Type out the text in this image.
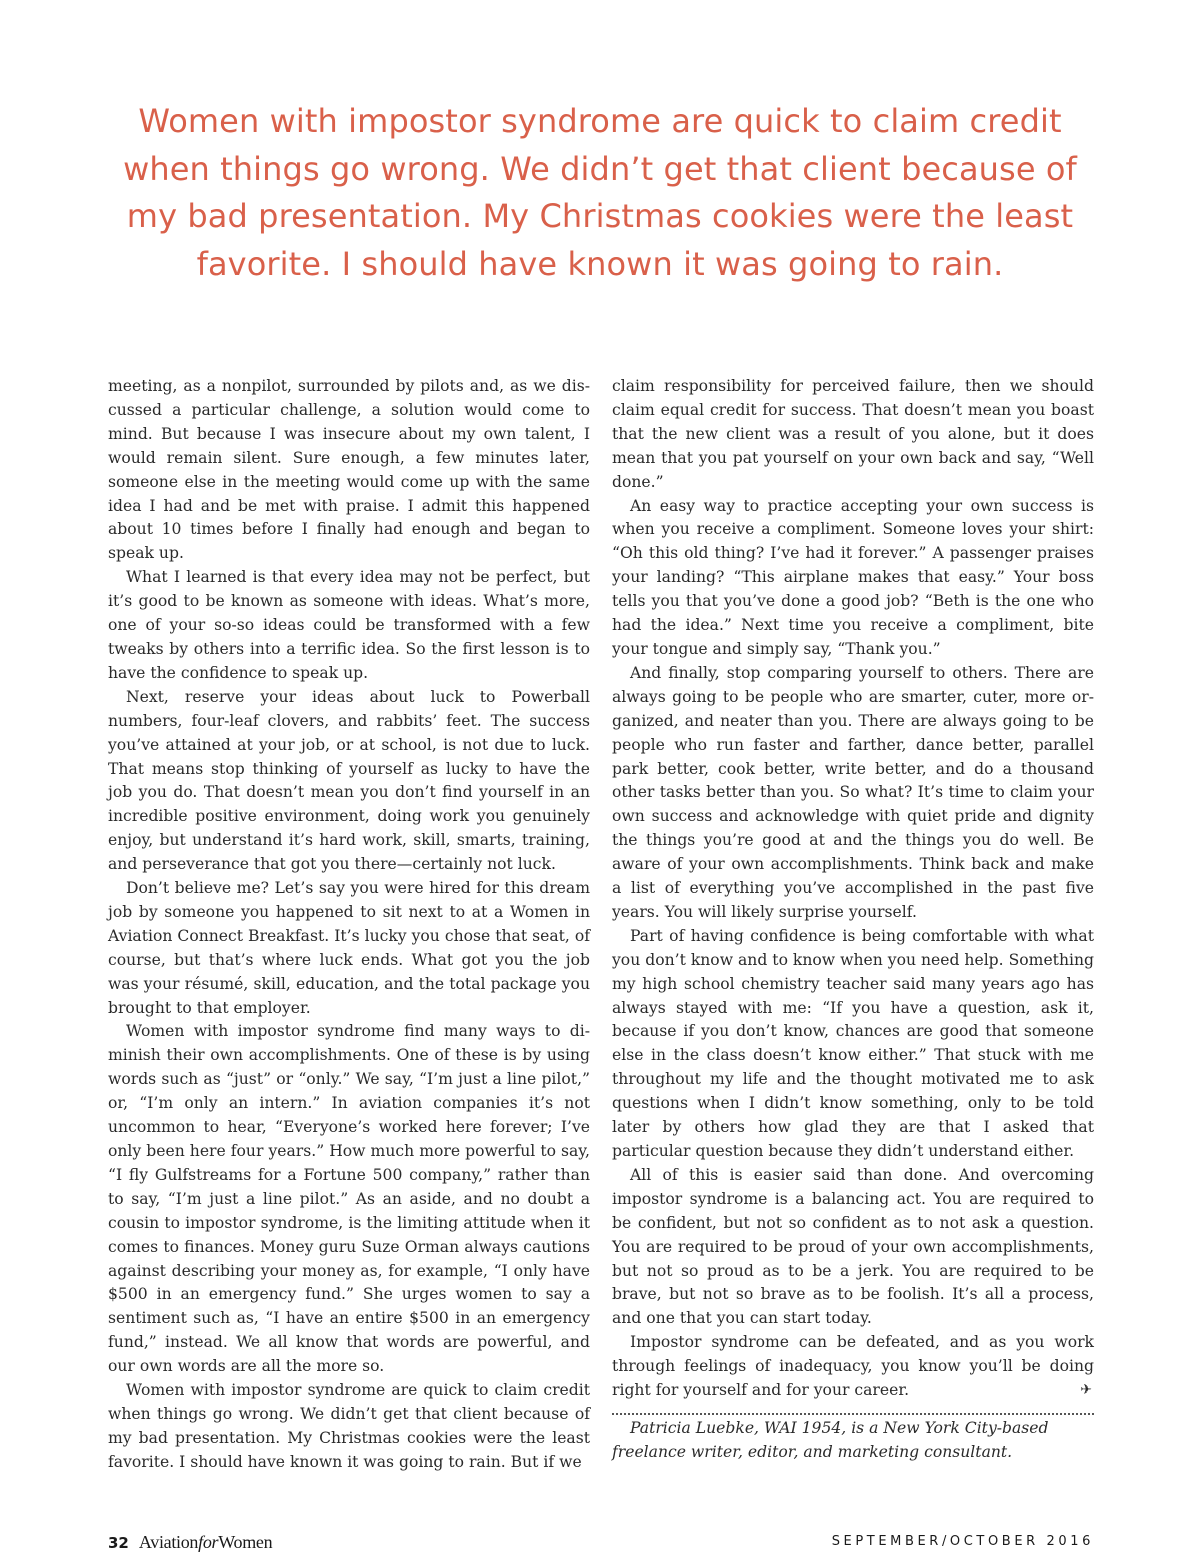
Women with impostor syndrome are quick to claim credit when things go wrong. We didn’t get that client because of my bad presentation. My Christmas cookies were the least favorite. I should have known it was going to rain.

meeting, as a nonpilot, surrounded by pilots and, as we discussed a particular challenge, a solution would come to mind. But because I was insecure about my own talent, I would remain silent. Sure enough, a few minutes later, someone else in the meeting would come up with the same idea I had and be met with praise. I admit this happened about 10 times before I finally had enough and began to speak up.

What I learned is that every idea may not be perfect, but it’s good to be known as someone with ideas. What’s more, one of your so-so ideas could be transformed with a few tweaks by others into a terrific idea. So the first lesson is to have the confidence to speak up.

Next, reserve your ideas about luck to Powerball numbers, four-leaf clovers, and rabbits’ feet. The success you’ve attained at your job, or at school, is not due to luck. That means stop thinking of yourself as lucky to have the job you do. That doesn’t mean you don’t find yourself in an incredible positive environment, doing work you genuinely enjoy, but understand it’s hard work, skill, smarts, training, and perseverance that got you there—certainly not luck.

Don’t believe me? Let’s say you were hired for this dream job by someone you happened to sit next to at a Women in Aviation Connect Breakfast. It’s lucky you chose that seat, of course, but that’s where luck ends. What got you the job was your résumé, skill, education, and the total package you brought to that employer.

Women with impostor syndrome find many ways to diminish their own accomplishments. One of these is by using words such as “just” or “only.” We say, “I’m just a line pilot,” or, “I’m only an intern.” In aviation companies it’s not uncommon to hear, “Everyone’s worked here forever; I’ve only been here four years.” How much more powerful to say, “I fly Gulfstreams for a Fortune 500 company,” rather than to say, “I’m just a line pilot.” As an aside, and no doubt a cousin to impostor syndrome, is the limiting attitude when it comes to finances. Money guru Suze Orman always cautions against describing your money as, for example, “I only have $500 in an emergency fund.” She urges women to say a sentiment such as, “I have an entire $500 in an emergency fund,” instead. We all know that words are powerful, and our own words are all the more so.

Women with impostor syndrome are quick to claim credit when things go wrong. We didn’t get that client because of my bad presentation. My Christmas cookies were the least favorite. I should have known it was going to rain. But if we

claim responsibility for perceived failure, then we should claim equal credit for success. That doesn’t mean you boast that the new client was a result of you alone, but it does mean that you pat yourself on your own back and say, “Well done.”

An easy way to practice accepting your own success is when you receive a compliment. Someone loves your shirt: “Oh this old thing? I’ve had it forever.” A passenger praises your landing? “This airplane makes that easy.” Your boss tells you that you’ve done a good job? “Beth is the one who had the idea.” Next time you receive a compliment, bite your tongue and simply say, “Thank you.”

And finally, stop comparing yourself to others. There are always going to be people who are smarter, cuter, more organized, and neater than you. There are always going to be people who run faster and farther, dance better, parallel park better, cook better, write better, and do a thousand other tasks better than you. So what? It’s time to claim your own success and acknowledge with quiet pride and dignity the things you’re good at and the things you do well. Be aware of your own accomplishments. Think back and make a list of everything you’ve accomplished in the past five years. You will likely surprise yourself.

Part of having confidence is being comfortable with what you don’t know and to know when you need help. Something my high school chemistry teacher said many years ago has always stayed with me: “If you have a question, ask it, because if you don’t know, chances are good that someone else in the class doesn’t know either.” That stuck with me throughout my life and the thought motivated me to ask questions when I didn’t know something, only to be told later by others how glad they are that I asked that particular question because they didn’t understand either.

All of this is easier said than done. And overcoming impostor syndrome is a balancing act. You are required to be confident, but not so confident as to not ask a question. You are required to be proud of your own accomplishments, but not so proud as to be a jerk. You are required to be brave, but not so brave as to be foolish. It’s all a process, and one that you can start today.

Impostor syndrome can be defeated, and as you work through feelings of inadequacy, you know you’ll be doing right for yourself and for your career.	✈

Patricia Luebke, WAI 1954, is a New York City-based freelance writer, editor, and marketing consultant.

32 AviationforWomen	SEPTEMBER/OCTOBER 2016
